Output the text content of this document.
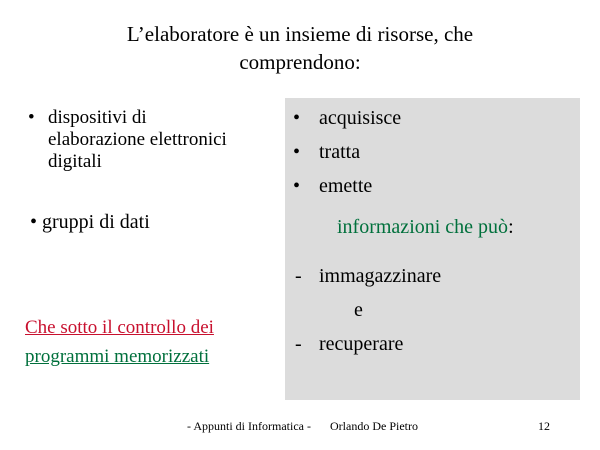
L’elaboratore è un insieme di risorse, che
comprendono:
• dispositivi di
elaborazione elettronici
digitali
• gruppi di dati
Che sotto il controllo dei
programmi memorizzati
• acquisisce
• tratta
• emette
informazioni che può:
- immagazzinare
e
- recuperare
- Appunti di Informatica - Orlando De Pietro	12
